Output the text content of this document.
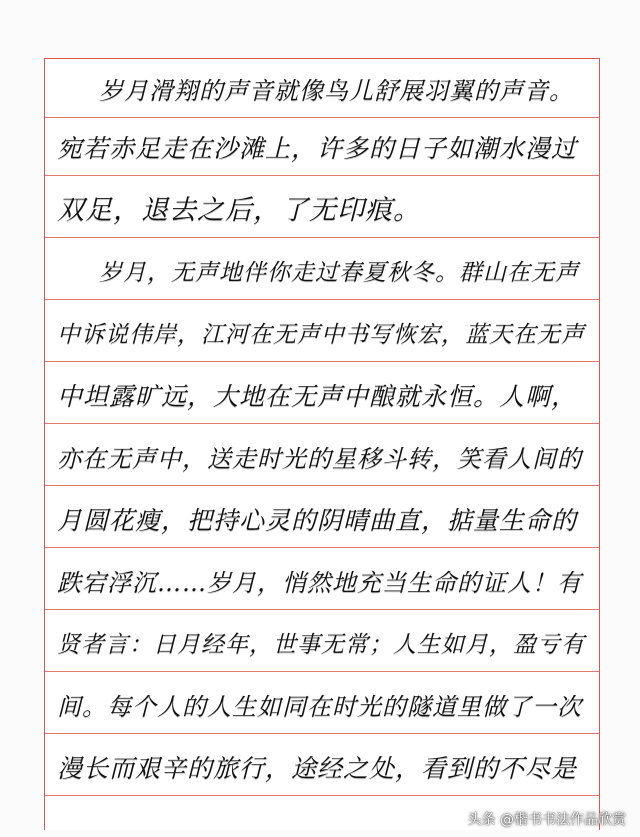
岁月滑翔的声音就像鸟儿舒展羽翼的声音。
宛若赤足走在沙滩上，许多的日子如潮水漫过
双足，退去之后，了无印痕。
岁月，无声地伴你走过春夏秋冬。群山在无声
中诉说伟岸，江河在无声中书写恢宏，蓝天在无声
中坦露旷远，大地在无声中酿就永恒。人啊，
亦在无声中，送走时光的星移斗转，笑看人间的
月圆花瘦，把持心灵的阴晴曲直，掂量生命的
跌宕浮沉……岁月，悄然地充当生命的证人！有
贤者言：日月经年，世事无常；人生如月，盈亏有
间。每个人的人生如同在时光的隧道里做了一次
漫长而艰辛的旅行，途经之处，看到的不尽是
头条 @楷书书法作品欣赏
